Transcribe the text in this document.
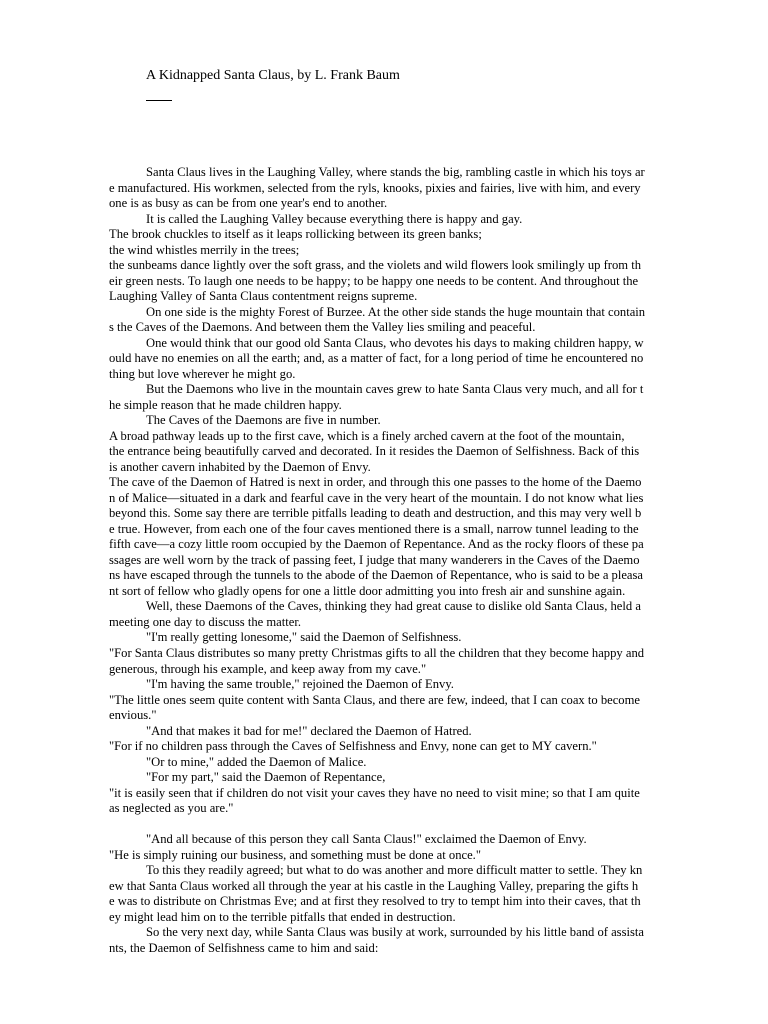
A Kidnapped Santa Claus, by L. Frank Baum
Santa Claus lives in the Laughing Valley, where stands the big, rambling castle in which his toys ar
e manufactured. His workmen, selected from the ryls, knooks, pixies and fairies, live with him, and every
one is as busy as can be from one year's end to another.
It is called the Laughing Valley because everything there is happy and gay.
The brook chuckles to itself as it leaps rollicking between its green banks;
the wind whistles merrily in the trees;
the sunbeams dance lightly over the soft grass, and the violets and wild flowers look smilingly up from th
eir green nests. To laugh one needs to be happy; to be happy one needs to be content. And throughout the
Laughing Valley of Santa Claus contentment reigns supreme.
On one side is the mighty Forest of Burzee. At the other side stands the huge mountain that contain
s the Caves of the Daemons. And between them the Valley lies smiling and peaceful.
One would think that our good old Santa Claus, who devotes his days to making children happy, w
ould have no enemies on all the earth; and, as a matter of fact, for a long period of time he encountered no
thing but love wherever he might go.
But the Daemons who live in the mountain caves grew to hate Santa Claus very much, and all for t
he simple reason that he made children happy.
The Caves of the Daemons are five in number.
A broad pathway leads up to the first cave, which is a finely arched cavern at the foot of the mountain,
the entrance being beautifully carved and decorated. In it resides the Daemon of Selfishness. Back of this
is another cavern inhabited by the Daemon of Envy.
The cave of the Daemon of Hatred is next in order, and through this one passes to the home of the Daemo
n of Malice—situated in a dark and fearful cave in the very heart of the mountain. I do not know what lies
beyond this. Some say there are terrible pitfalls leading to death and destruction, and this may very well b
e true. However, from each one of the four caves mentioned there is a small, narrow tunnel leading to the
fifth cave—a cozy little room occupied by the Daemon of Repentance. And as the rocky floors of these pa
ssages are well worn by the track of passing feet, I judge that many wanderers in the Caves of the Daemo
ns have escaped through the tunnels to the abode of the Daemon of Repentance, who is said to be a pleasa
nt sort of fellow who gladly opens for one a little door admitting you into fresh air and sunshine again.
Well, these Daemons of the Caves, thinking they had great cause to dislike old Santa Claus, held a
meeting one day to discuss the matter.
"I'm really getting lonesome," said the Daemon of Selfishness.
"For Santa Claus distributes so many pretty Christmas gifts to all the children that they become happy and
generous, through his example, and keep away from my cave."
"I'm having the same trouble," rejoined the Daemon of Envy.
"The little ones seem quite content with Santa Claus, and there are few, indeed, that I can coax to become
envious."
"And that makes it bad for me!" declared the Daemon of Hatred.
"For if no children pass through the Caves of Selfishness and Envy, none can get to MY cavern."
"Or to mine," added the Daemon of Malice.
"For my part," said the Daemon of Repentance,
"it is easily seen that if children do not visit your caves they have no need to visit mine; so that I am quite
as neglected as you are."
"And all because of this person they call Santa Claus!" exclaimed the Daemon of Envy.
"He is simply ruining our business, and something must be done at once."
To this they readily agreed; but what to do was another and more difficult matter to settle. They kn
ew that Santa Claus worked all through the year at his castle in the Laughing Valley, preparing the gifts h
e was to distribute on Christmas Eve; and at first they resolved to try to tempt him into their caves, that th
ey might lead him on to the terrible pitfalls that ended in destruction.
So the very next day, while Santa Claus was busily at work, surrounded by his little band of assista
nts, the Daemon of Selfishness came to him and said:
